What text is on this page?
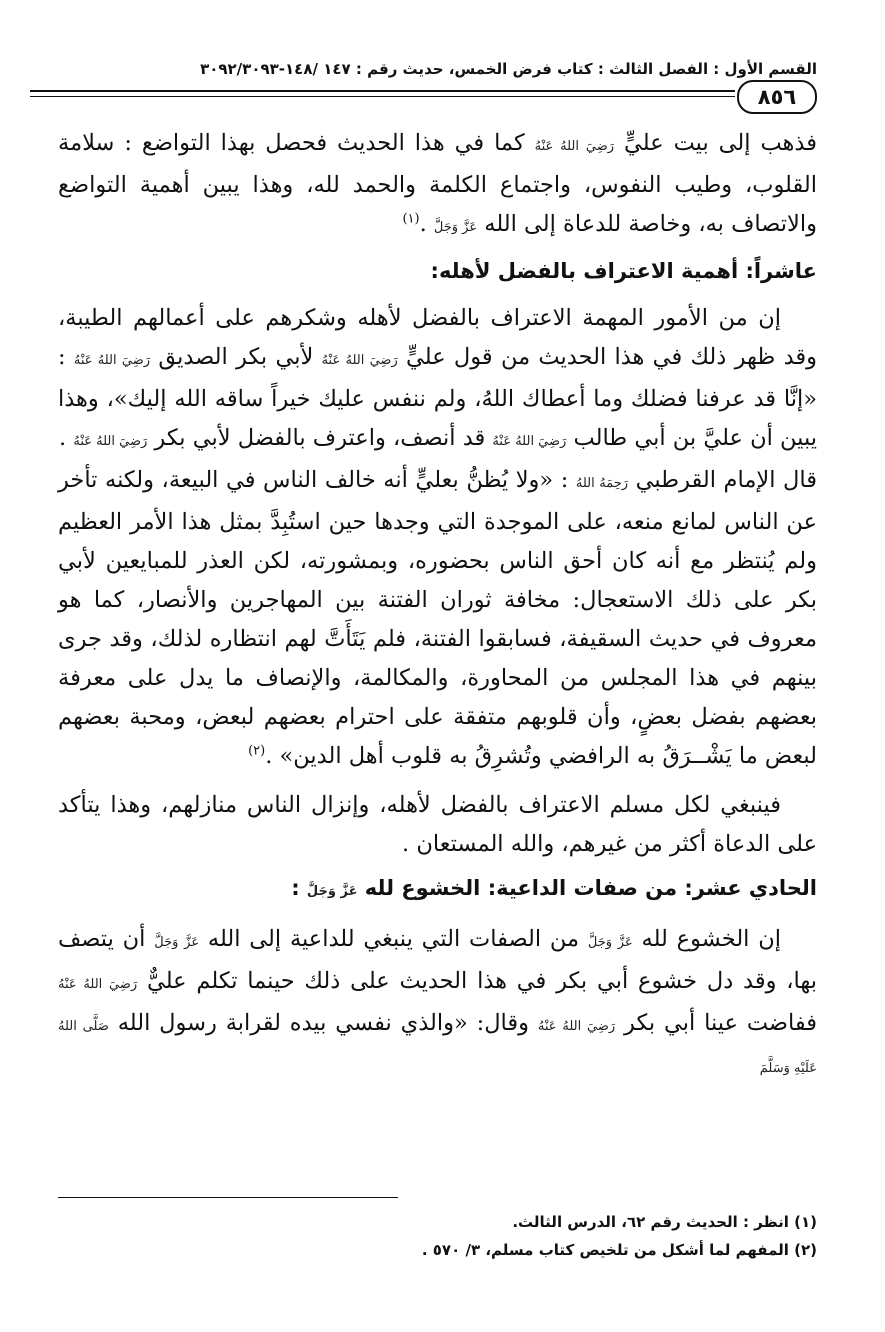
القسم الأول : الفصل الثالث : كتاب فرض الخمس، حديث رقم : ١٤٧ /١٤٨-٣٠٩٢/٣٠٩٣
٨٥٦

فذهب إلى بيت عليٍّ رَضِيَ اللهُ عَنْهُ كما في هذا الحديث فحصل بهذا التواضع : سلامة القلوب، وطيب النفوس، واجتماع الكلمة والحمد لله، وهذا يبين أهمية التواضع والاتصاف به، وخاصة للدعاة إلى الله عَزَّ وَجَلَّ .$^{(١)}$

عاشراً: أهمية الاعتراف بالفضل لأهله:

إن من الأمور المهمة الاعتراف بالفضل لأهله وشكرهم على أعمالهم الطيبة، وقد ظهر ذلك في هذا الحديث من قول عليٍّ رَضِيَ اللهُ عَنْهُ لأبي بكر الصديق رَضِيَ اللهُ عَنْهُ : «إنَّا قد عرفنا فضلك وما أعطاك اللهُ، ولم ننفس عليك خيراً ساقه الله إليك»، وهذا يبين أن عليَّ بن أبي طالب رَضِيَ اللهُ عَنْهُ قد أنصف، واعترف بالفضل لأبي بكر رَضِيَ اللهُ عَنْهُ .

قال الإمام القرطبي رَحِمَهُ اللهُ : «ولا يُظنُّ بعليٍّ أنه خالف الناس في البيعة، ولكنه تأخر عن الناس لمانع منعه، على الموجدة التي وجدها حين استُبِدَّ بمثل هذا الأمر العظيم ولم يُنتظر مع أنه كان أحق الناس بحضوره، وبمشورته، لكن العذر للمبايعين لأبي بكر على ذلك الاستعجال: مخافة ثوران الفتنة بين المهاجرين والأنصار، كما هو معروف في حديث السقيفة، فسابقوا الفتنة، فلم يَتَأَتَّ لهم انتظاره لذلك، وقد جرى بينهم في هذا المجلس من المحاورة، والمكالمة، والإنصاف ما يدل على معرفة بعضهم بفضل بعضٍ، وأن قلوبهم متفقة على احترام بعضهم لبعض، ومحبة بعضهم لبعض ما يَشْــرَقُ به الرافضي وتُشرِقُ به قلوب أهل الدين» .$^{(٢)}$

فينبغي لكل مسلم الاعتراف بالفضل لأهله، وإنزال الناس منازلهم، وهذا يتأكد على الدعاة أكثر من غيرهم، والله المستعان .

الحادي عشر: من صفات الداعية: الخشوع لله عَزَّ وَجَلَّ :

إن الخشوع لله عَزَّ وَجَلَّ من الصفات التي ينبغي للداعية إلى الله عَزَّ وَجَلَّ أن يتصف بها، وقد دل خشوع أبي بكر في هذا الحديث على ذلك حينما تكلم عليٌّ رَضِيَ اللهُ عَنْهُ ففاضت عينا أبي بكر رَضِيَ اللهُ عَنْهُ وقال: «والذي نفسي بيده لقرابة رسول الله صَلَّى اللهُ عَلَيْهِ وَسَلَّمَ

(١) انظر : الحديث رقم ٦٢، الدرس الثالث.

(٢) المفهم لما أشكل من تلخيص كتاب مسلم، ٣/ ٥٧٠ .
